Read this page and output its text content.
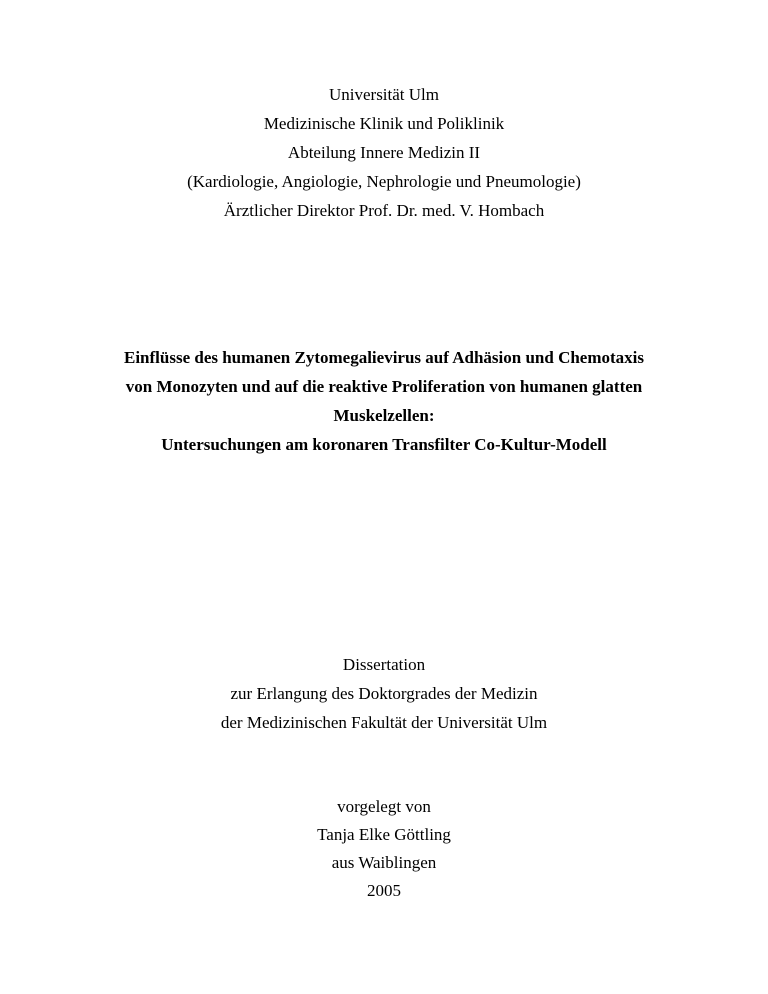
Universität Ulm
Medizinische Klinik und Poliklinik
Abteilung Innere Medizin II
(Kardiologie, Angiologie, Nephrologie und Pneumologie)
Ärztlicher Direktor Prof. Dr. med. V. Hombach
Einflüsse des humanen Zytomegalievirus auf Adhäsion und Chemotaxis
von Monozyten und auf die reaktive Proliferation von humanen glatten
Muskelzellen:
Untersuchungen am koronaren Transfilter Co-Kultur-Modell
Dissertation
zur Erlangung des Doktorgrades der Medizin
der Medizinischen Fakultät der Universität Ulm
vorgelegt von
Tanja Elke Göttling
aus Waiblingen
2005
